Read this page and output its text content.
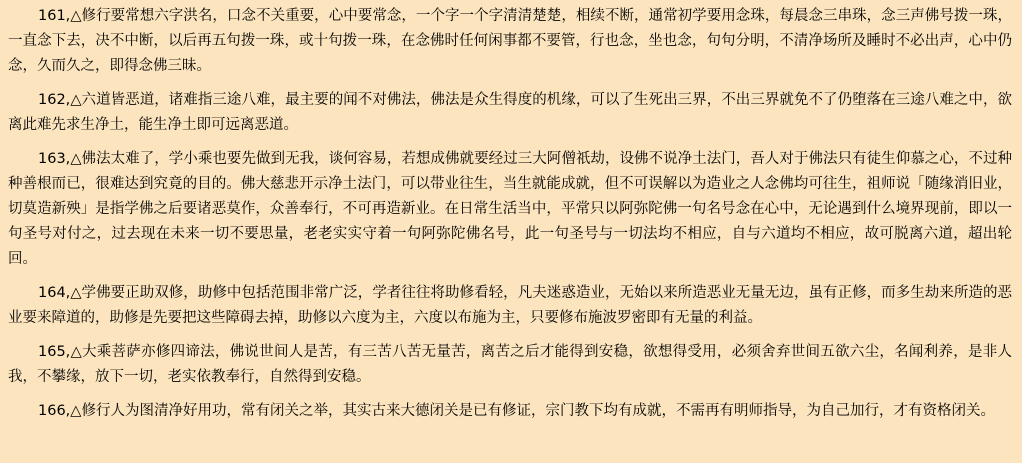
161,△修行要常想六字洪名，口念不关重要，心中要常念，一个字一个字清清楚楚，相续不断，通常初学要用念珠，每晨念三串珠，念三声佛号拨一珠，一直念下去，决不中断，以后再五句拨一珠，或十句拨一珠，在念佛时任何闲事都不要管，行也念，坐也念，句句分明，不清净场所及睡时不必出声，心中仍念，久而久之，即得念佛三昧。

162,△六道皆恶道，诸难指三途八难，最主要的闻不对佛法，佛法是众生得度的机缘，可以了生死出三界，不出三界就免不了仍堕落在三途八难之中，欲离此难先求生净土，能生净土即可远离恶道。

163,△佛法太难了，学小乘也要先做到无我，谈何容易，若想成佛就要经过三大阿僧祇劫，设佛不说净土法门，吾人对于佛法只有徒生仰慕之心，不过种种善根而已，很难达到究竟的目的。佛大慈悲开示净土法门，可以带业往生，当生就能成就，但不可误解以为造业之人念佛均可往生，祖师说「随缘消旧业，切莫造新殃」是指学佛之后要诸恶莫作，众善奉行，不可再造新业。在日常生活当中，平常只以阿弥陀佛一句名号念在心中，无论遇到什么境界现前，即以一句圣号对付之，过去现在未来一切不要思量，老老实实守着一句阿弥陀佛名号，此一句圣号与一切法均不相应，自与六道均不相应，故可脱离六道，超出轮回。

164,△学佛要正助双修，助修中包括范围非常广泛，学者往往将助修看轻，凡夫迷惑造业，无始以来所造恶业无量无边，虽有正修，而多生劫来所造的恶业要来障道的，助修是先要把这些障碍去掉，助修以六度为主，六度以布施为主，只要修布施波罗密即有无量的利益。

165,△大乘菩萨亦修四谛法，佛说世间人是苦，有三苦八苦无量苦，离苦之后才能得到安稳，欲想得受用，必须舍弃世间五欲六尘，名闻利养，是非人我，不攀缘，放下一切，老实依教奉行，自然得到安稳。

166,△修行人为图清净好用功，常有闭关之举，其实古来大德闭关是已有修证，宗门教下均有成就，不需再有明师指导，为自己加行，才有资格闭关。
